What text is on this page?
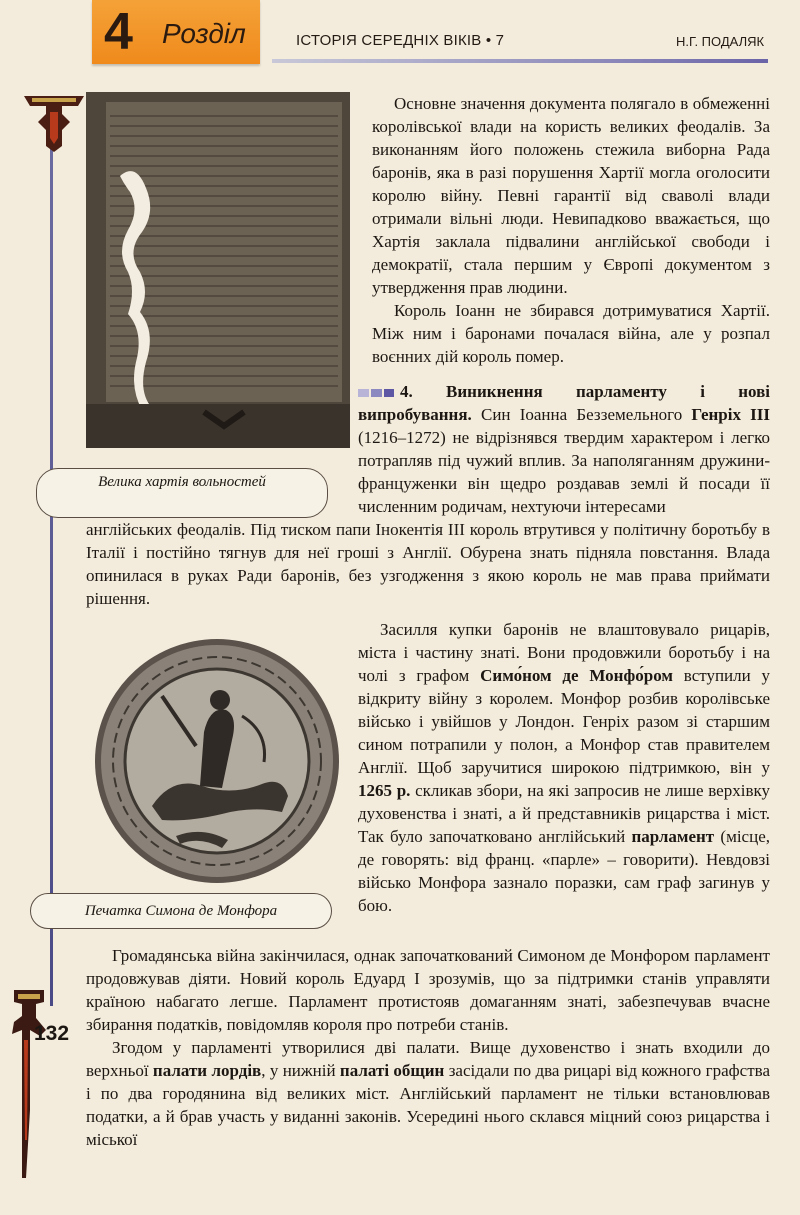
4 Розділ	ІСТОРІЯ СЕРЕДНІХ ВІКІВ • 7	Н.Г. ПОДАЛЯК
132
Велика хартія вольностей
Печатка Симона де Монфора

Основне значення документа полягало в обмеженні королівської влади на користь великих феодалів. За виконанням його положень стежила виборна Рада баронів, яка в разі порушення Хартії могла оголосити королю війну. Певні гарантії від сваволі влади отримали вільні люди. Невипадково вважається, що Хартія заклала підвалини англійської свободи і демократії, стала першим у Європі документом з утвердження прав людини.

Король Іоанн не збирався дотримуватися Хартії. Між ним і баронами почалася війна, але у розпал воєнних дій король помер.

4. Виникнення парламенту і нові випробування. Син Іоанна Безземельного Генріх III (1216–1272) не відрізнявся твердим характером і легко потрапляв під чужий вплив. За наполяганням дружини-француженки він щедро роздавав землі й посади її численним родичам, нехтуючи інтересами

англійських феодалів. Під тиском папи Інокентія III король втрутився у політичну боротьбу в Італії і постійно тягнув для неї гроші з Англії. Обурена знать підняла повстання. Влада опинилася в руках Ради баронів, без узгодження з якою король не мав права приймати рішення.

Засилля купки баронів не влаштовувало рицарів, міста і частину знаті. Вони продовжили боротьбу і на чолі з графом Симо́ном де Монфо́ром вступили у відкриту війну з королем. Монфор розбив королівське військо і увійшов у Лондон. Генріх разом зі старшим сином потрапили у полон, а Монфор став правителем Англії. Щоб заручитися широкою підтримкою, він у 1265 р. скликав збори, на які запросив не лише верхівку духовенства і знаті, а й представників рицарства і міст. Так було започатковано англійський парламент (місце, де говорять: від франц. «парле» – говорити). Невдовзі військо Монфора зазнало поразки, сам граф загинув у бою.

Громадянська війна закінчилася, однак започаткований Симоном де Монфором парламент продовжував діяти. Новий король Едуард I зрозумів, що за підтримки станів управляти країною набагато легше. Парламент протистояв домаганням знаті, забезпечував вчасне збирання податків, повідомляв короля про потреби станів.

Згодом у парламенті утворилися дві палати. Вище духовенство і знать входили до верхньої палати лордів, у нижній палаті общин засідали по два рицарі від кожного графства і по два городянина від великих міст. Англійський парламент не тільки встановлював податки, а й брав участь у виданні законів. Усередині нього склався міцний союз рицарства і міської
